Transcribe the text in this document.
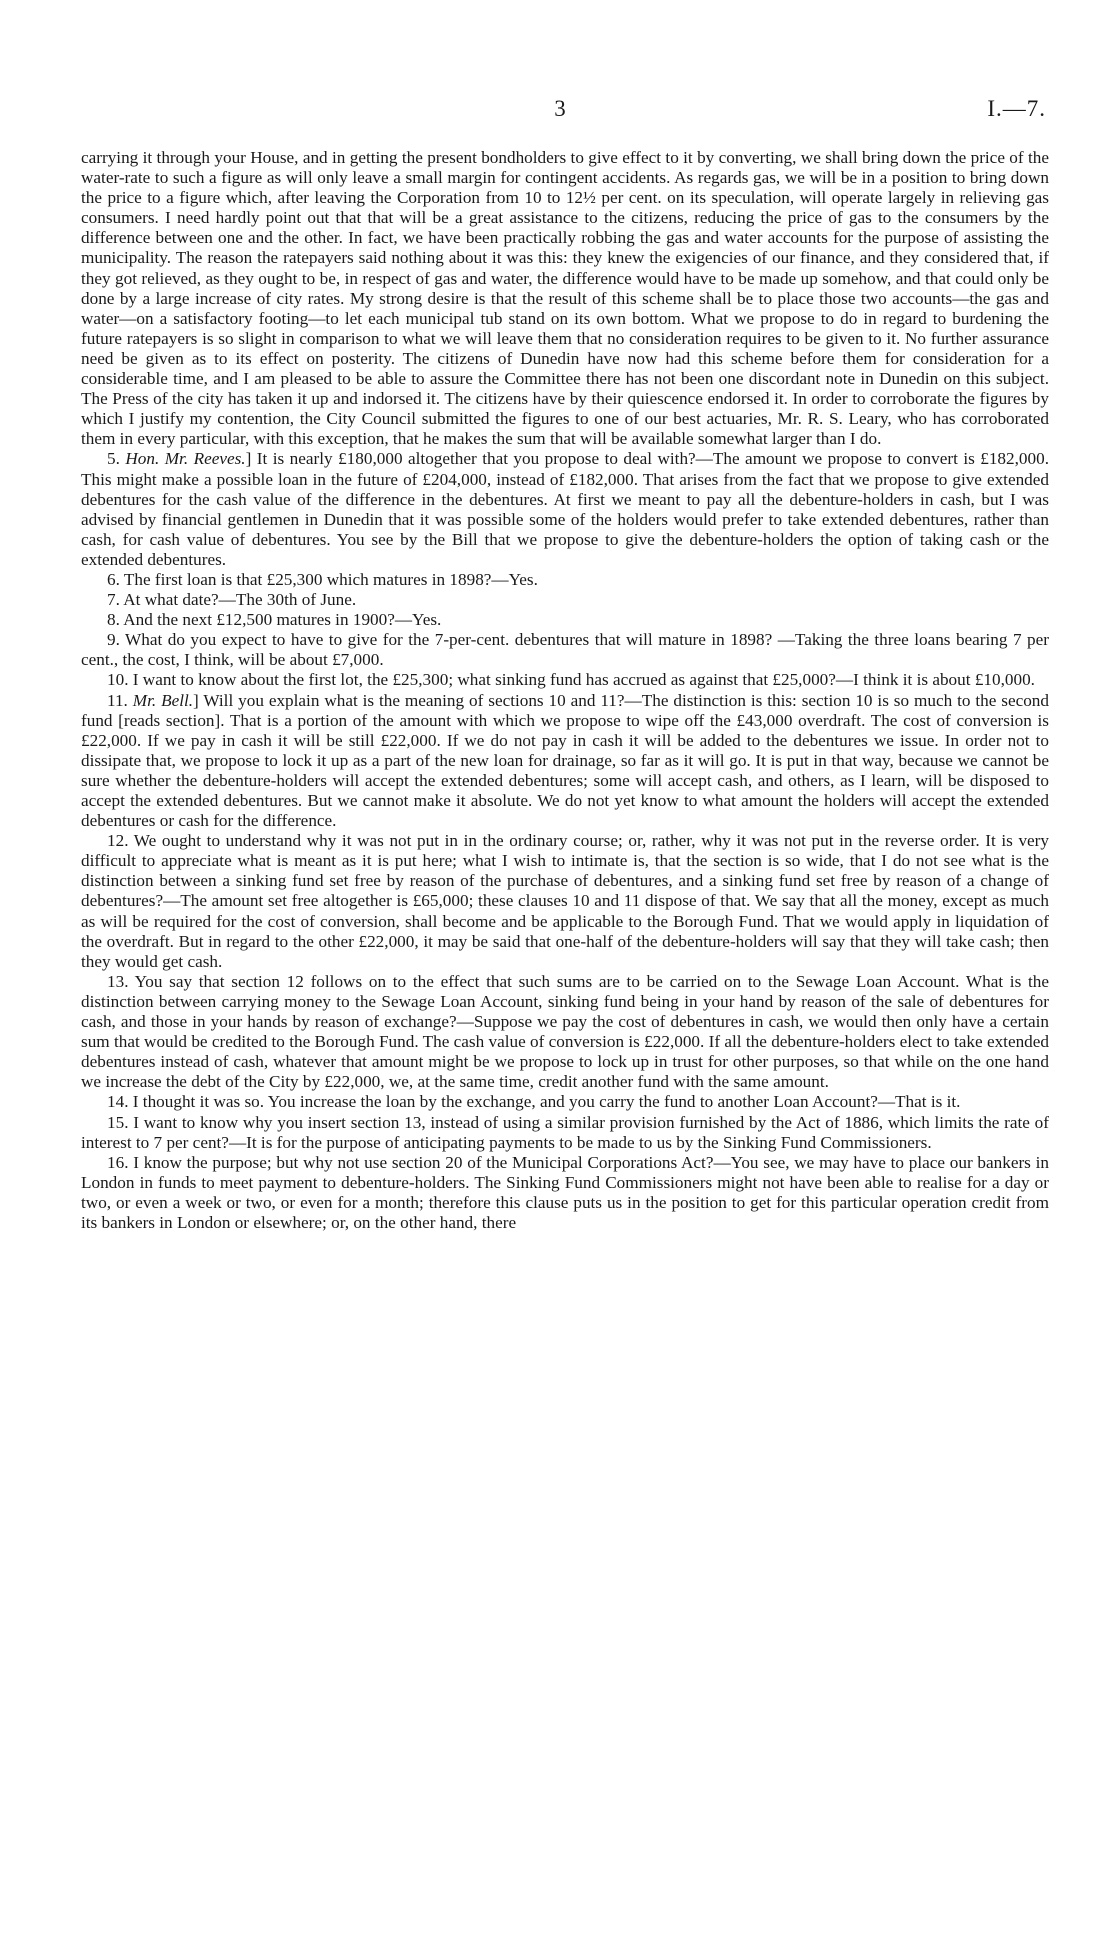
3	I.—7.

carrying it through your House, and in getting the present bondholders to give effect to it by converting, we shall bring down the price of the water-rate to such a figure as will only leave a small margin for contingent accidents. As regards gas, we will be in a position to bring down the price to a figure which, after leaving the Corporation from 10 to 12½ per cent. on its speculation, will operate largely in relieving gas consumers. I need hardly point out that that will be a great assistance to the citizens, reducing the price of gas to the consumers by the difference between one and the other. In fact, we have been practically robbing the gas and water accounts for the purpose of assisting the municipality. The reason the ratepayers said nothing about it was this: they knew the exigencies of our finance, and they considered that, if they got relieved, as they ought to be, in respect of gas and water, the difference would have to be made up somehow, and that could only be done by a large increase of city rates. My strong desire is that the result of this scheme shall be to place those two accounts—the gas and water—on a satisfactory footing—to let each municipal tub stand on its own bottom. What we propose to do in regard to burdening the future ratepayers is so slight in comparison to what we will leave them that no consideration requires to be given to it. No further assurance need be given as to its effect on posterity. The citizens of Dunedin have now had this scheme before them for consideration for a considerable time, and I am pleased to be able to assure the Committee there has not been one discordant note in Dunedin on this subject. The Press of the city has taken it up and indorsed it. The citizens have by their quiescence endorsed it. In order to corroborate the figures by which I justify my contention, the City Council submitted the figures to one of our best actuaries, Mr. R. S. Leary, who has corroborated them in every particular, with this exception, that he makes the sum that will be available somewhat larger than I do.

5. Hon. Mr. Reeves.] It is nearly £180,000 altogether that you propose to deal with?—The amount we propose to convert is £182,000. This might make a possible loan in the future of £204,000, instead of £182,000. That arises from the fact that we propose to give extended debentures for the cash value of the difference in the debentures. At first we meant to pay all the debenture-holders in cash, but I was advised by financial gentlemen in Dunedin that it was possible some of the holders would prefer to take extended debentures, rather than cash, for cash value of debentures. You see by the Bill that we propose to give the debenture-holders the option of taking cash or the extended debentures.

6. The first loan is that £25,300 which matures in 1898?—Yes.

7. At what date?—The 30th of June.

8. And the next £12,500 matures in 1900?—Yes.

9. What do you expect to have to give for the 7-per-cent. debentures that will mature in 1898? —Taking the three loans bearing 7 per cent., the cost, I think, will be about £7,000.

10. I want to know about the first lot, the £25,300; what sinking fund has accrued as against that £25,000?—I think it is about £10,000.

11. Mr. Bell.] Will you explain what is the meaning of sections 10 and 11?—The distinction is this: section 10 is so much to the second fund [reads section]. That is a portion of the amount with which we propose to wipe off the £43,000 overdraft. The cost of conversion is £22,000. If we pay in cash it will be still £22,000. If we do not pay in cash it will be added to the debentures we issue. In order not to dissipate that, we propose to lock it up as a part of the new loan for drainage, so far as it will go. It is put in that way, because we cannot be sure whether the debenture-holders will accept the extended debentures; some will accept cash, and others, as I learn, will be disposed to accept the extended debentures. But we cannot make it absolute. We do not yet know to what amount the holders will accept the extended debentures or cash for the difference.

12. We ought to understand why it was not put in in the ordinary course; or, rather, why it was not put in the reverse order. It is very difficult to appreciate what is meant as it is put here; what I wish to intimate is, that the section is so wide, that I do not see what is the distinction between a sinking fund set free by reason of the purchase of debentures, and a sinking fund set free by reason of a change of debentures?—The amount set free altogether is £65,000; these clauses 10 and 11 dispose of that. We say that all the money, except as much as will be required for the cost of conversion, shall become and be applicable to the Borough Fund. That we would apply in liquidation of the overdraft. But in regard to the other £22,000, it may be said that one-half of the debenture-holders will say that they will take cash; then they would get cash.

13. You say that section 12 follows on to the effect that such sums are to be carried on to the Sewage Loan Account. What is the distinction between carrying money to the Sewage Loan Account, sinking fund being in your hand by reason of the sale of debentures for cash, and those in your hands by reason of exchange?—Suppose we pay the cost of debentures in cash, we would then only have a certain sum that would be credited to the Borough Fund. The cash value of conversion is £22,000. If all the debenture-holders elect to take extended debentures instead of cash, whatever that amount might be we propose to lock up in trust for other purposes, so that while on the one hand we increase the debt of the City by £22,000, we, at the same time, credit another fund with the same amount.

14. I thought it was so. You increase the loan by the exchange, and you carry the fund to another Loan Account?—That is it.

15. I want to know why you insert section 13, instead of using a similar provision furnished by the Act of 1886, which limits the rate of interest to 7 per cent?—It is for the purpose of anticipating payments to be made to us by the Sinking Fund Commissioners.

16. I know the purpose; but why not use section 20 of the Municipal Corporations Act?—You see, we may have to place our bankers in London in funds to meet payment to debenture-holders. The Sinking Fund Commissioners might not have been able to realise for a day or two, or even a week or two, or even for a month; therefore this clause puts us in the position to get for this particular operation credit from its bankers in London or elsewhere; or, on the other hand, there
